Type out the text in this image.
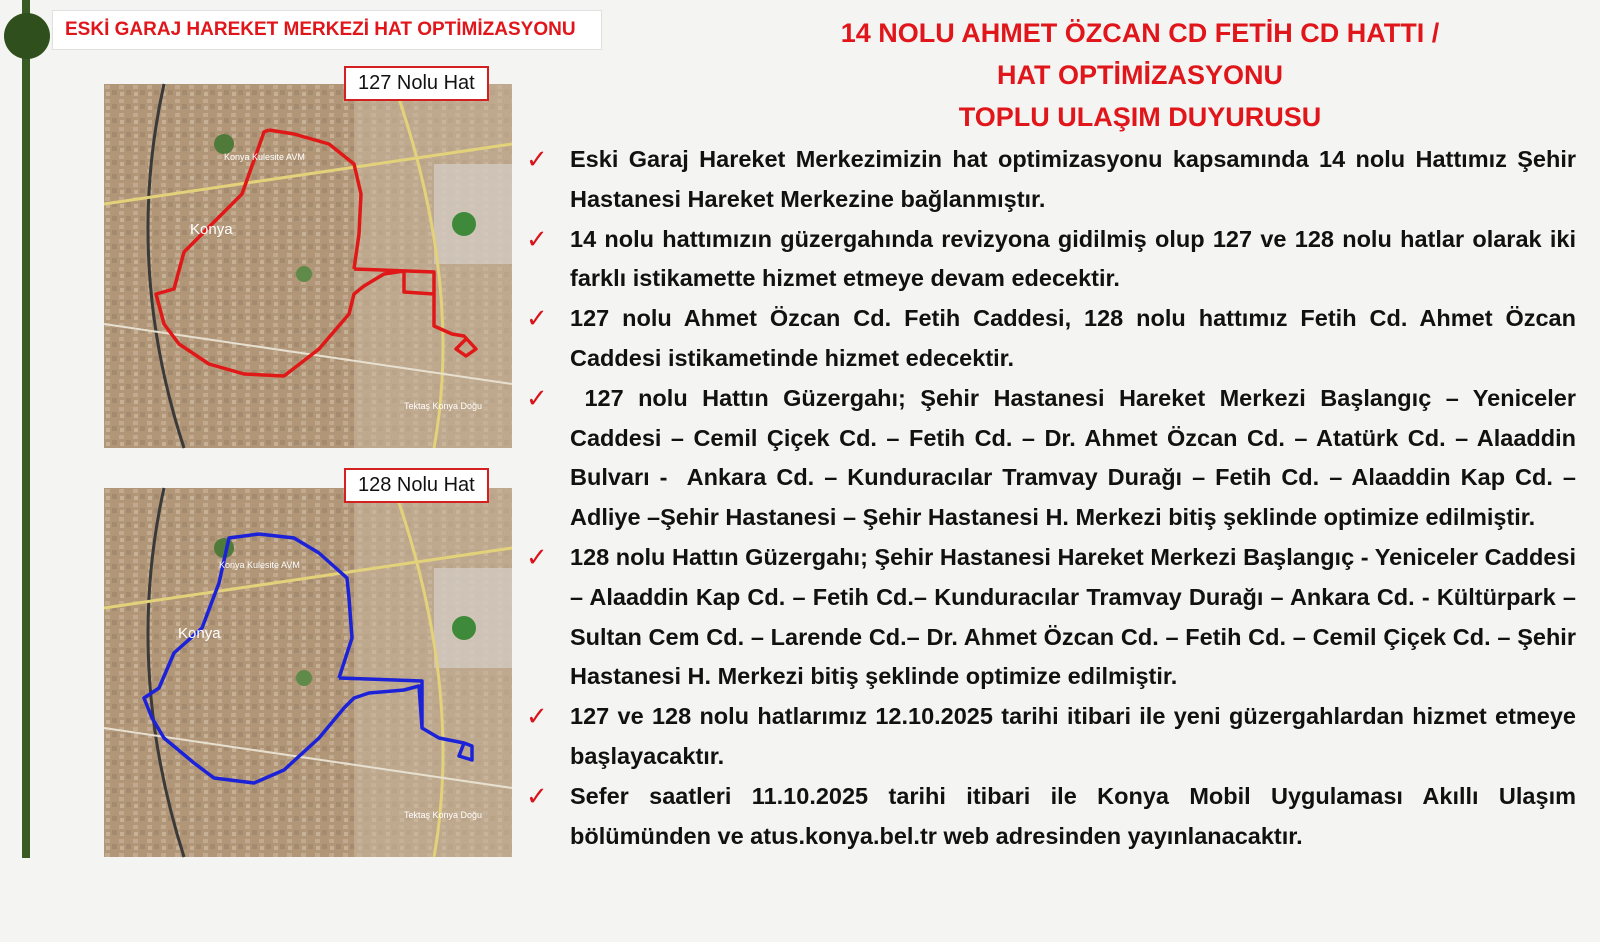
ESKİ GARAJ HAREKET MERKEZİ HAT OPTİMİZASYONU
Konya
Konya Kulesite AVM
Tektaş Konya Doğu
127 Nolu Hat
Konya
Konya Kulesite AVM
Tektaş Konya Doğu
128 Nolu Hat
14 NOLU AHMET ÖZCAN CD FETİH CD HATTI /
HAT OPTİMİZASYONU
TOPLU ULAŞIM DUYURUSU
✓ Eski Garaj Hareket Merkezimizin hat optimizasyonu kapsamında 14 nolu Hattımız Şehir Hastanesi Hareket Merkezine bağlanmıştır.
✓ 14 nolu hattımızın güzergahında revizyona gidilmiş olup 127 ve 128 nolu hatlar olarak iki farklı istikamette hizmet etmeye devam edecektir.
✓ 127 nolu Ahmet Özcan Cd. Fetih Caddesi, 128 nolu hattımız Fetih Cd. Ahmet Özcan Caddesi istikametinde hizmet edecektir.
✓ 127 nolu Hattın Güzergahı; Şehir Hastanesi Hareket Merkezi Başlangıç – Yeniceler Caddesi – Cemil Çiçek Cd. – Fetih Cd. – Dr. Ahmet Özcan Cd. – Atatürk Cd. – Alaaddin Bulvarı -  Ankara Cd. – Kunduracılar Tramvay Durağı – Fetih Cd. – Alaaddin Kap Cd. – Adliye –Şehir Hastanesi – Şehir Hastanesi H. Merkezi bitiş şeklinde optimize edilmiştir.
✓ 128 nolu Hattın Güzergahı; Şehir Hastanesi Hareket Merkezi Başlangıç - Yeniceler Caddesi – Alaaddin Kap Cd. – Fetih Cd.– Kunduracılar Tramvay Durağı – Ankara Cd. - Kültürpark – Sultan Cem Cd. – Larende Cd.– Dr. Ahmet Özcan Cd. – Fetih Cd. – Cemil Çiçek Cd. – Şehir Hastanesi H. Merkezi bitiş şeklinde optimize edilmiştir.
✓ 127 ve 128 nolu hatlarımız 12.10.2025 tarihi itibari ile yeni güzergahlardan hizmet etmeye başlayacaktır.
✓ Sefer saatleri 11.10.2025 tarihi itibari ile Konya Mobil Uygulaması Akıllı Ulaşım bölümünden ve atus.konya.bel.tr web adresinden yayınlanacaktır.
